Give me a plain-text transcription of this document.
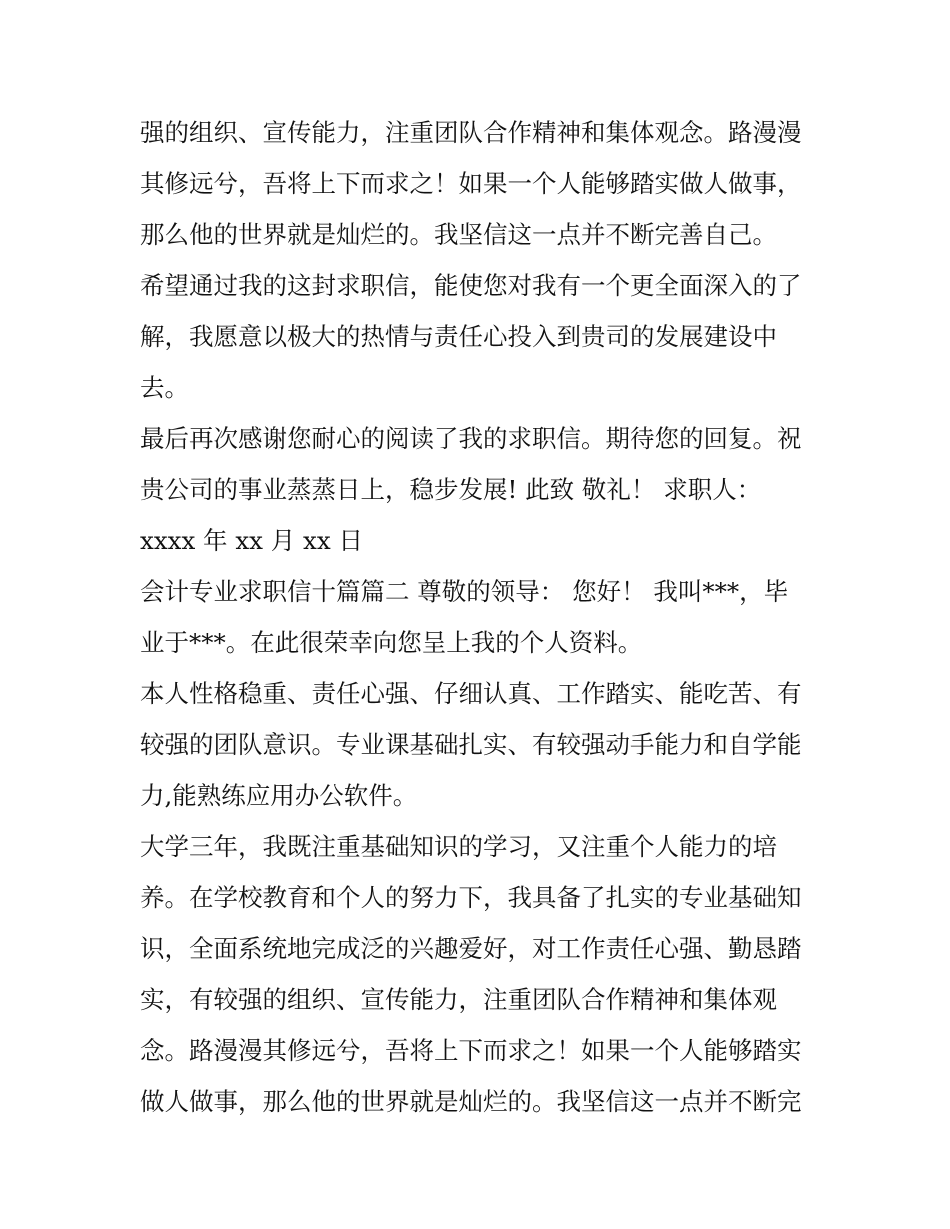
强的组织、宣传能力，注重团队合作精神和集体观念。路漫漫
其修远兮，吾将上下而求之！如果一个人能够踏实做人做事，
那么他的世界就是灿烂的。我坚信这一点并不断完善自己。
希望通过我的这封求职信，能使您对我有一个更全面深入的了
解，我愿意以极大的热情与责任心投入到贵司的发展建设中
去。
最后再次感谢您耐心的阅读了我的求职信。期待您的回复。祝
贵公司的事业蒸蒸日上，稳步发展! 此致 敬礼！ 求职人：
xxxx 年 xx 月 xx 日
会计专业求职信十篇篇二 尊敬的领导： 您好！ 我叫***，毕
业于***。在此很荣幸向您呈上我的个人资料。
本人性格稳重、责任心强、仔细认真、工作踏实、能吃苦、有
较强的团队意识。专业课基础扎实、有较强动手能力和自学能
力,能熟练应用办公软件。
大学三年，我既注重基础知识的学习，又注重个人能力的培
养。在学校教育和个人的努力下，我具备了扎实的专业基础知
识，全面系统地完成泛的兴趣爱好，对工作责任心强、勤恳踏
实，有较强的组织、宣传能力，注重团队合作精神和集体观
念。路漫漫其修远兮，吾将上下而求之！如果一个人能够踏实
做人做事，那么他的世界就是灿烂的。我坚信这一点并不断完
